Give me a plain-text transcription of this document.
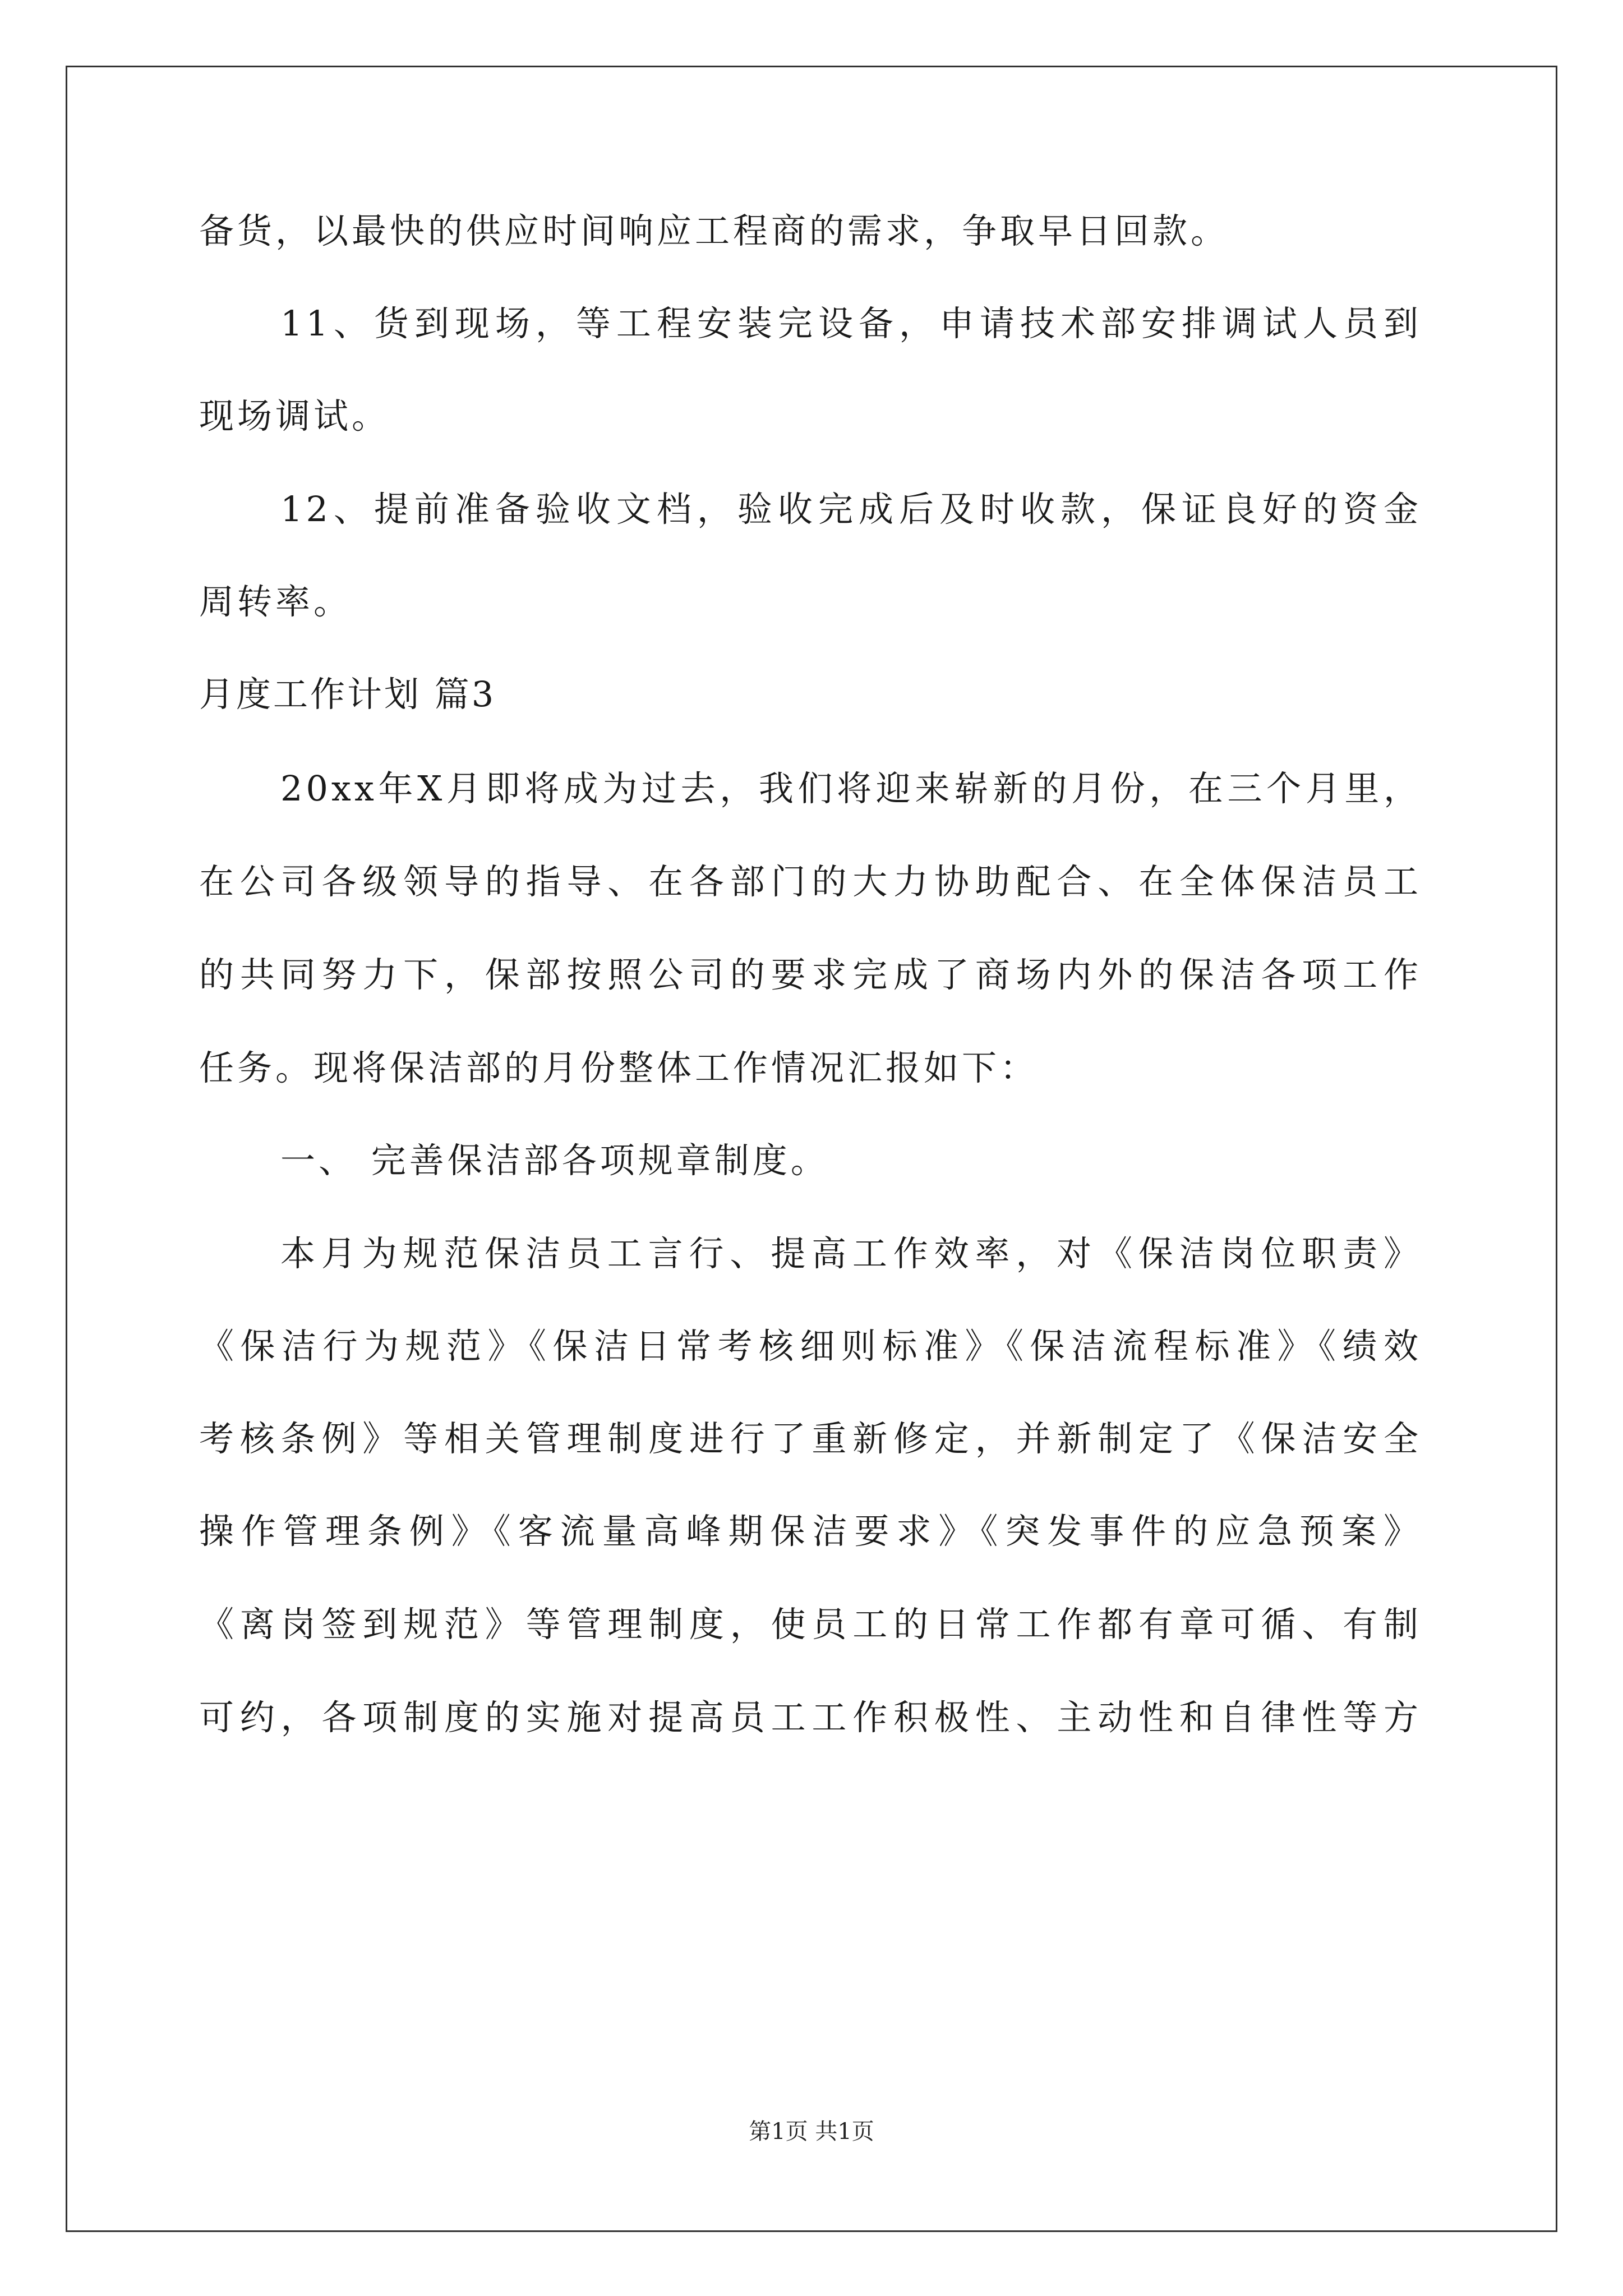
备货，以最快的供应时间响应工程商的需求，争取早日回款。
11、货到现场，等工程安装完设备，申请技术部安排调试人员到
现场调试。
12、提前准备验收文档，验收完成后及时收款，保证良好的资金
周转率。
月度工作计划 篇3
20xx年X月即将成为过去，我们将迎来崭新的月份，在三个月里，
在公司各级领导的指导、在各部门的大力协助配合、在全体保洁员工
的共同努力下，保部按照公司的要求完成了商场内外的保洁各项工作
任务。现将保洁部的月份整体工作情况汇报如下：
一、 完善保洁部各项规章制度。
本月为规范保洁员工言行、提高工作效率，对《保洁岗位职责》
《保洁行为规范》《保洁日常考核细则标准》《保洁流程标准》《绩效
考核条例》等相关管理制度进行了重新修定，并新制定了《保洁安全
操作管理条例》《客流量高峰期保洁要求》《突发事件的应急预案》
《离岗签到规范》等管理制度，使员工的日常工作都有章可循、有制
可约，各项制度的实施对提高员工工作积极性、主动性和自律性等方
第1页 共1页
